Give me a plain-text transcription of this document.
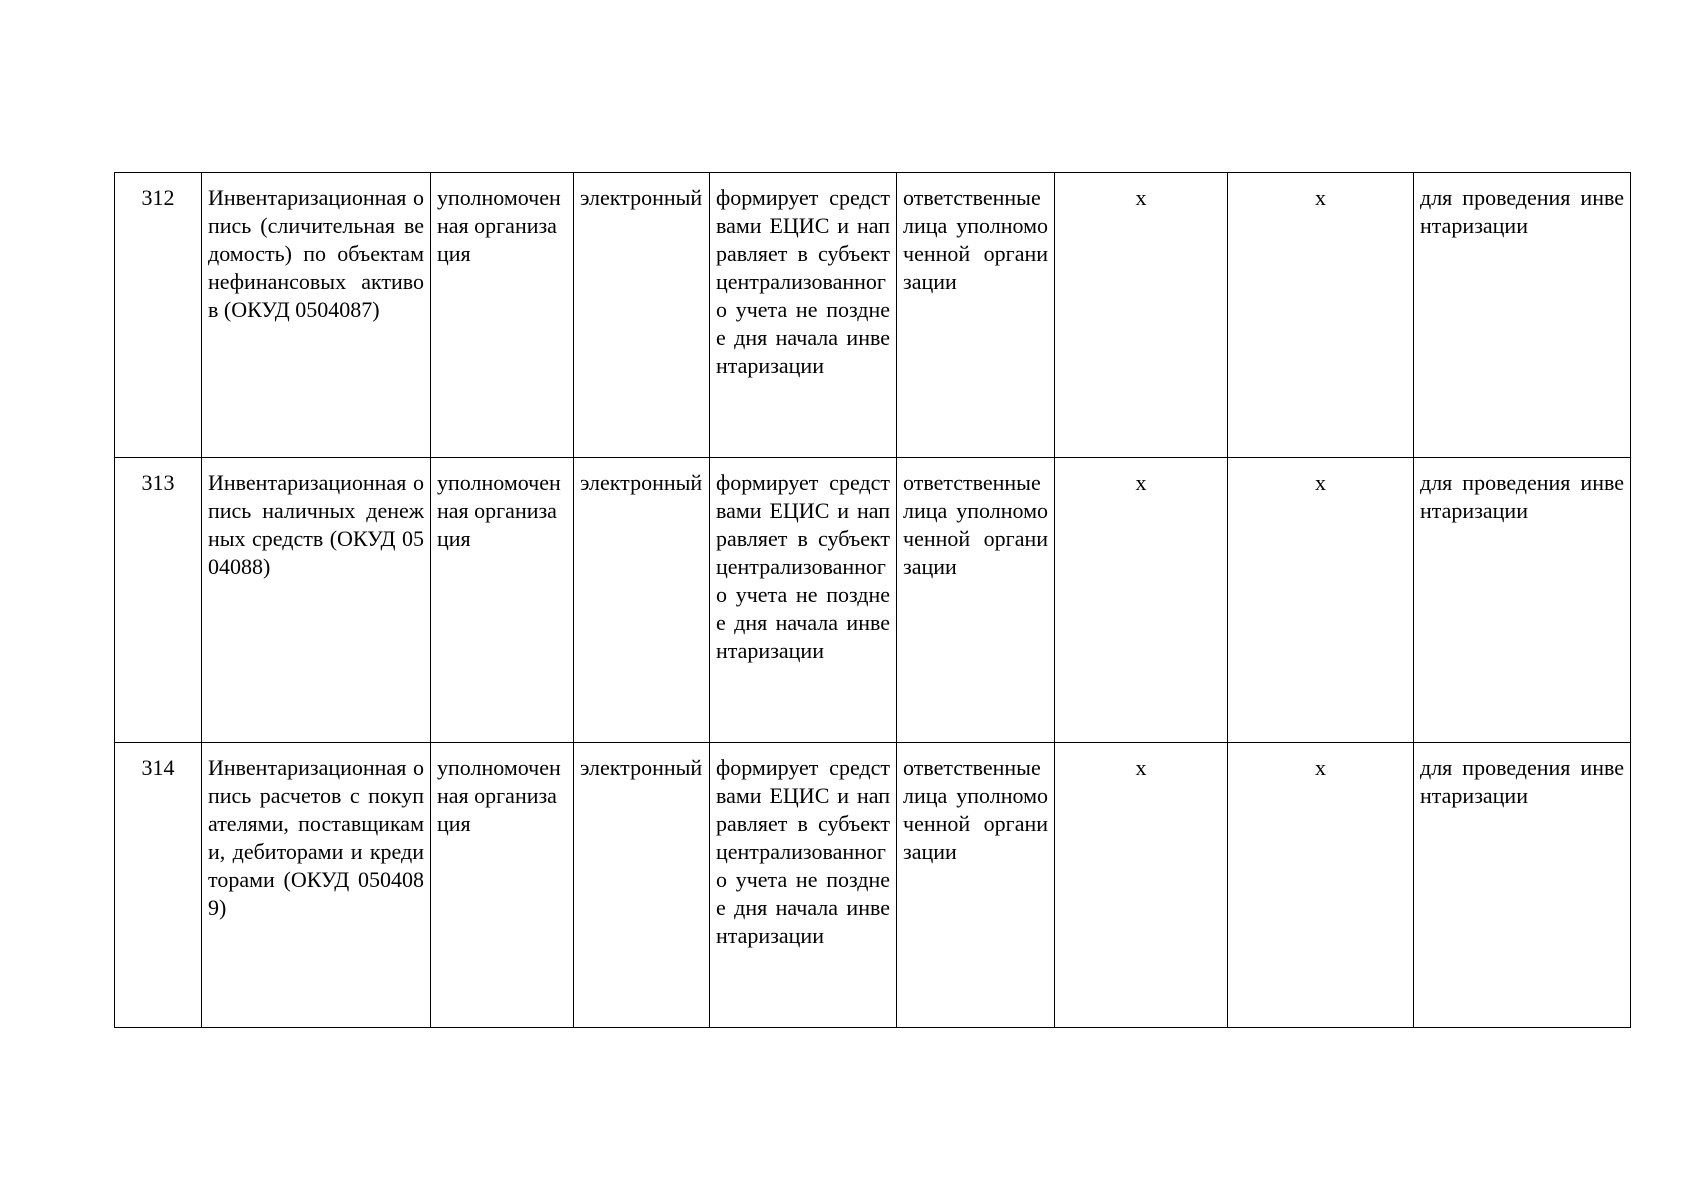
312	Инвентаризационная опись (сличительная ведомость) по объектам нефинансовых активов (ОКУД 0504087)	уполномоченная организация	электронный	формирует средствами ЕЦИС и направляет в субъект централизованного учета не позднее дня начала инвентаризации	ответственные лица уполномоченной организации	x	x	для проведения инвентаризации

313	Инвентаризационная опись наличных денежных средств (ОКУД 0504088)	уполномоченная организация	электронный	формирует средствами ЕЦИС и направляет в субъект централизованного учета не позднее дня начала инвентаризации	ответственные лица уполномоченной организации	x	x	для проведения инвентаризации

314	Инвентаризационная опись расчетов с покупателями, поставщиками, дебиторами и кредиторами (ОКУД 0504089)	уполномоченная организация	электронный	формирует средствами ЕЦИС и направляет в субъект централизованного учета не позднее дня начала инвентаризации	ответственные лица уполномоченной организации	x	x	для проведения инвентаризации
